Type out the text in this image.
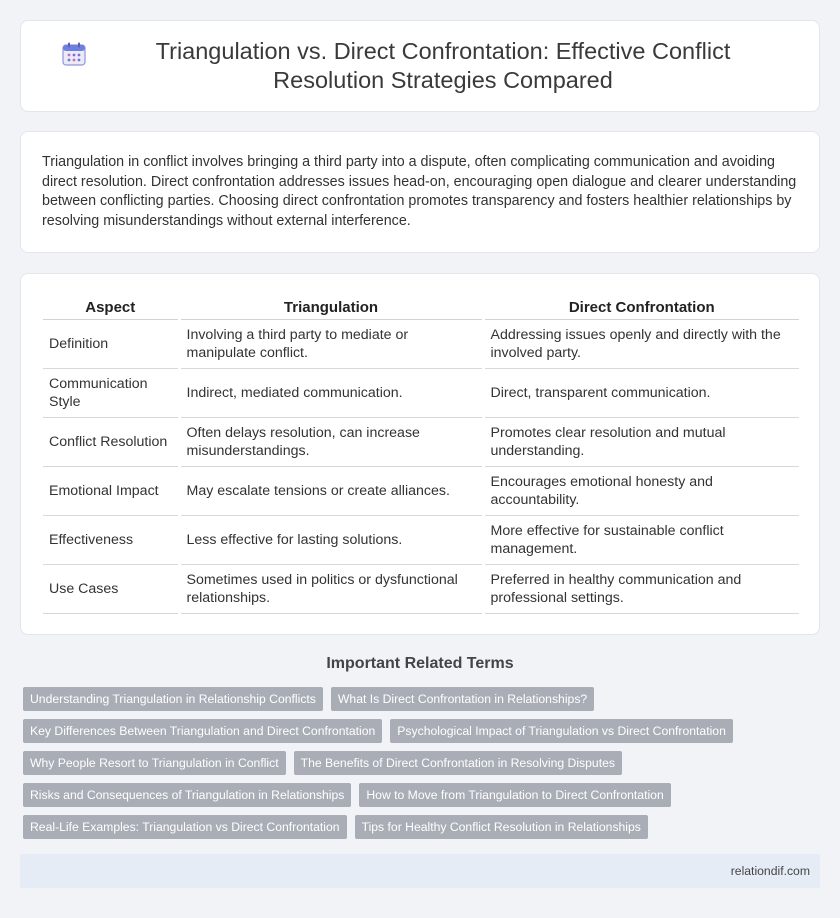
Triangulation vs. Direct Confrontation: Effective Conflict Resolution Strategies Compared

Triangulation in conflict involves bringing a third party into a dispute, often complicating communication and avoiding direct resolution. Direct confrontation addresses issues head-on, encouraging open dialogue and clearer understanding between conflicting parties. Choosing direct confrontation promotes transparency and fosters healthier relationships by resolving misunderstandings without external interference.

Aspect	Triangulation	Direct Confrontation
Definition	Involving a third party to mediate or manipulate conflict.	Addressing issues openly and directly with the involved party.
Communication Style	Indirect, mediated communication.	Direct, transparent communication.
Conflict Resolution	Often delays resolution, can increase misunderstandings.	Promotes clear resolution and mutual understanding.
Emotional Impact	May escalate tensions or create alliances.	Encourages emotional honesty and accountability.
Effectiveness	Less effective for lasting solutions.	More effective for sustainable conflict management.
Use Cases	Sometimes used in politics or dysfunctional relationships.	Preferred in healthy communication and professional settings.
Important Related Terms
Understanding Triangulation in Relationship Conflicts	What Is Direct Confrontation in Relationships?
Key Differences Between Triangulation and Direct Confrontation	Psychological Impact of Triangulation vs Direct Confrontation
Why People Resort to Triangulation in Conflict	The Benefits of Direct Confrontation in Resolving Disputes
Risks and Consequences of Triangulation in Relationships	How to Move from Triangulation to Direct Confrontation
Real-Life Examples: Triangulation vs Direct Confrontation	Tips for Healthy Conflict Resolution in Relationships
relationdif.com
